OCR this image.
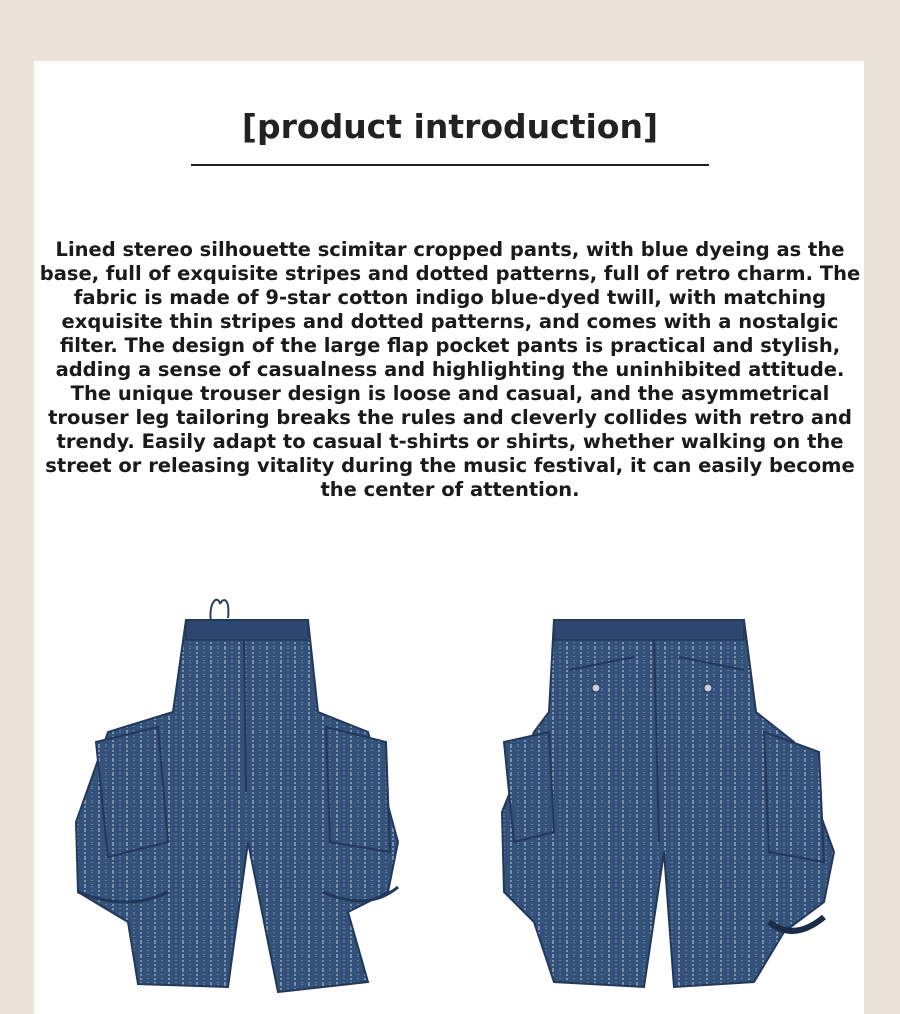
[product introduction]

Lined stereo silhouette scimitar cropped pants, with blue dyeing as the base, full of exquisite stripes and dotted patterns, full of retro charm. The fabric is made of 9-star cotton indigo blue-dyed twill, with matching exquisite thin stripes and dotted patterns, and comes with a nostalgic filter. The design of the large flap pocket pants is practical and stylish, adding a sense of casualness and highlighting the uninhibited attitude. The unique trouser design is loose and casual, and the asymmetrical trouser leg tailoring breaks the rules and cleverly collides with retro and trendy. Easily adapt to casual t-shirts or shirts, whether walking on the street or releasing vitality during the music festival, it can easily become the center of attention.
